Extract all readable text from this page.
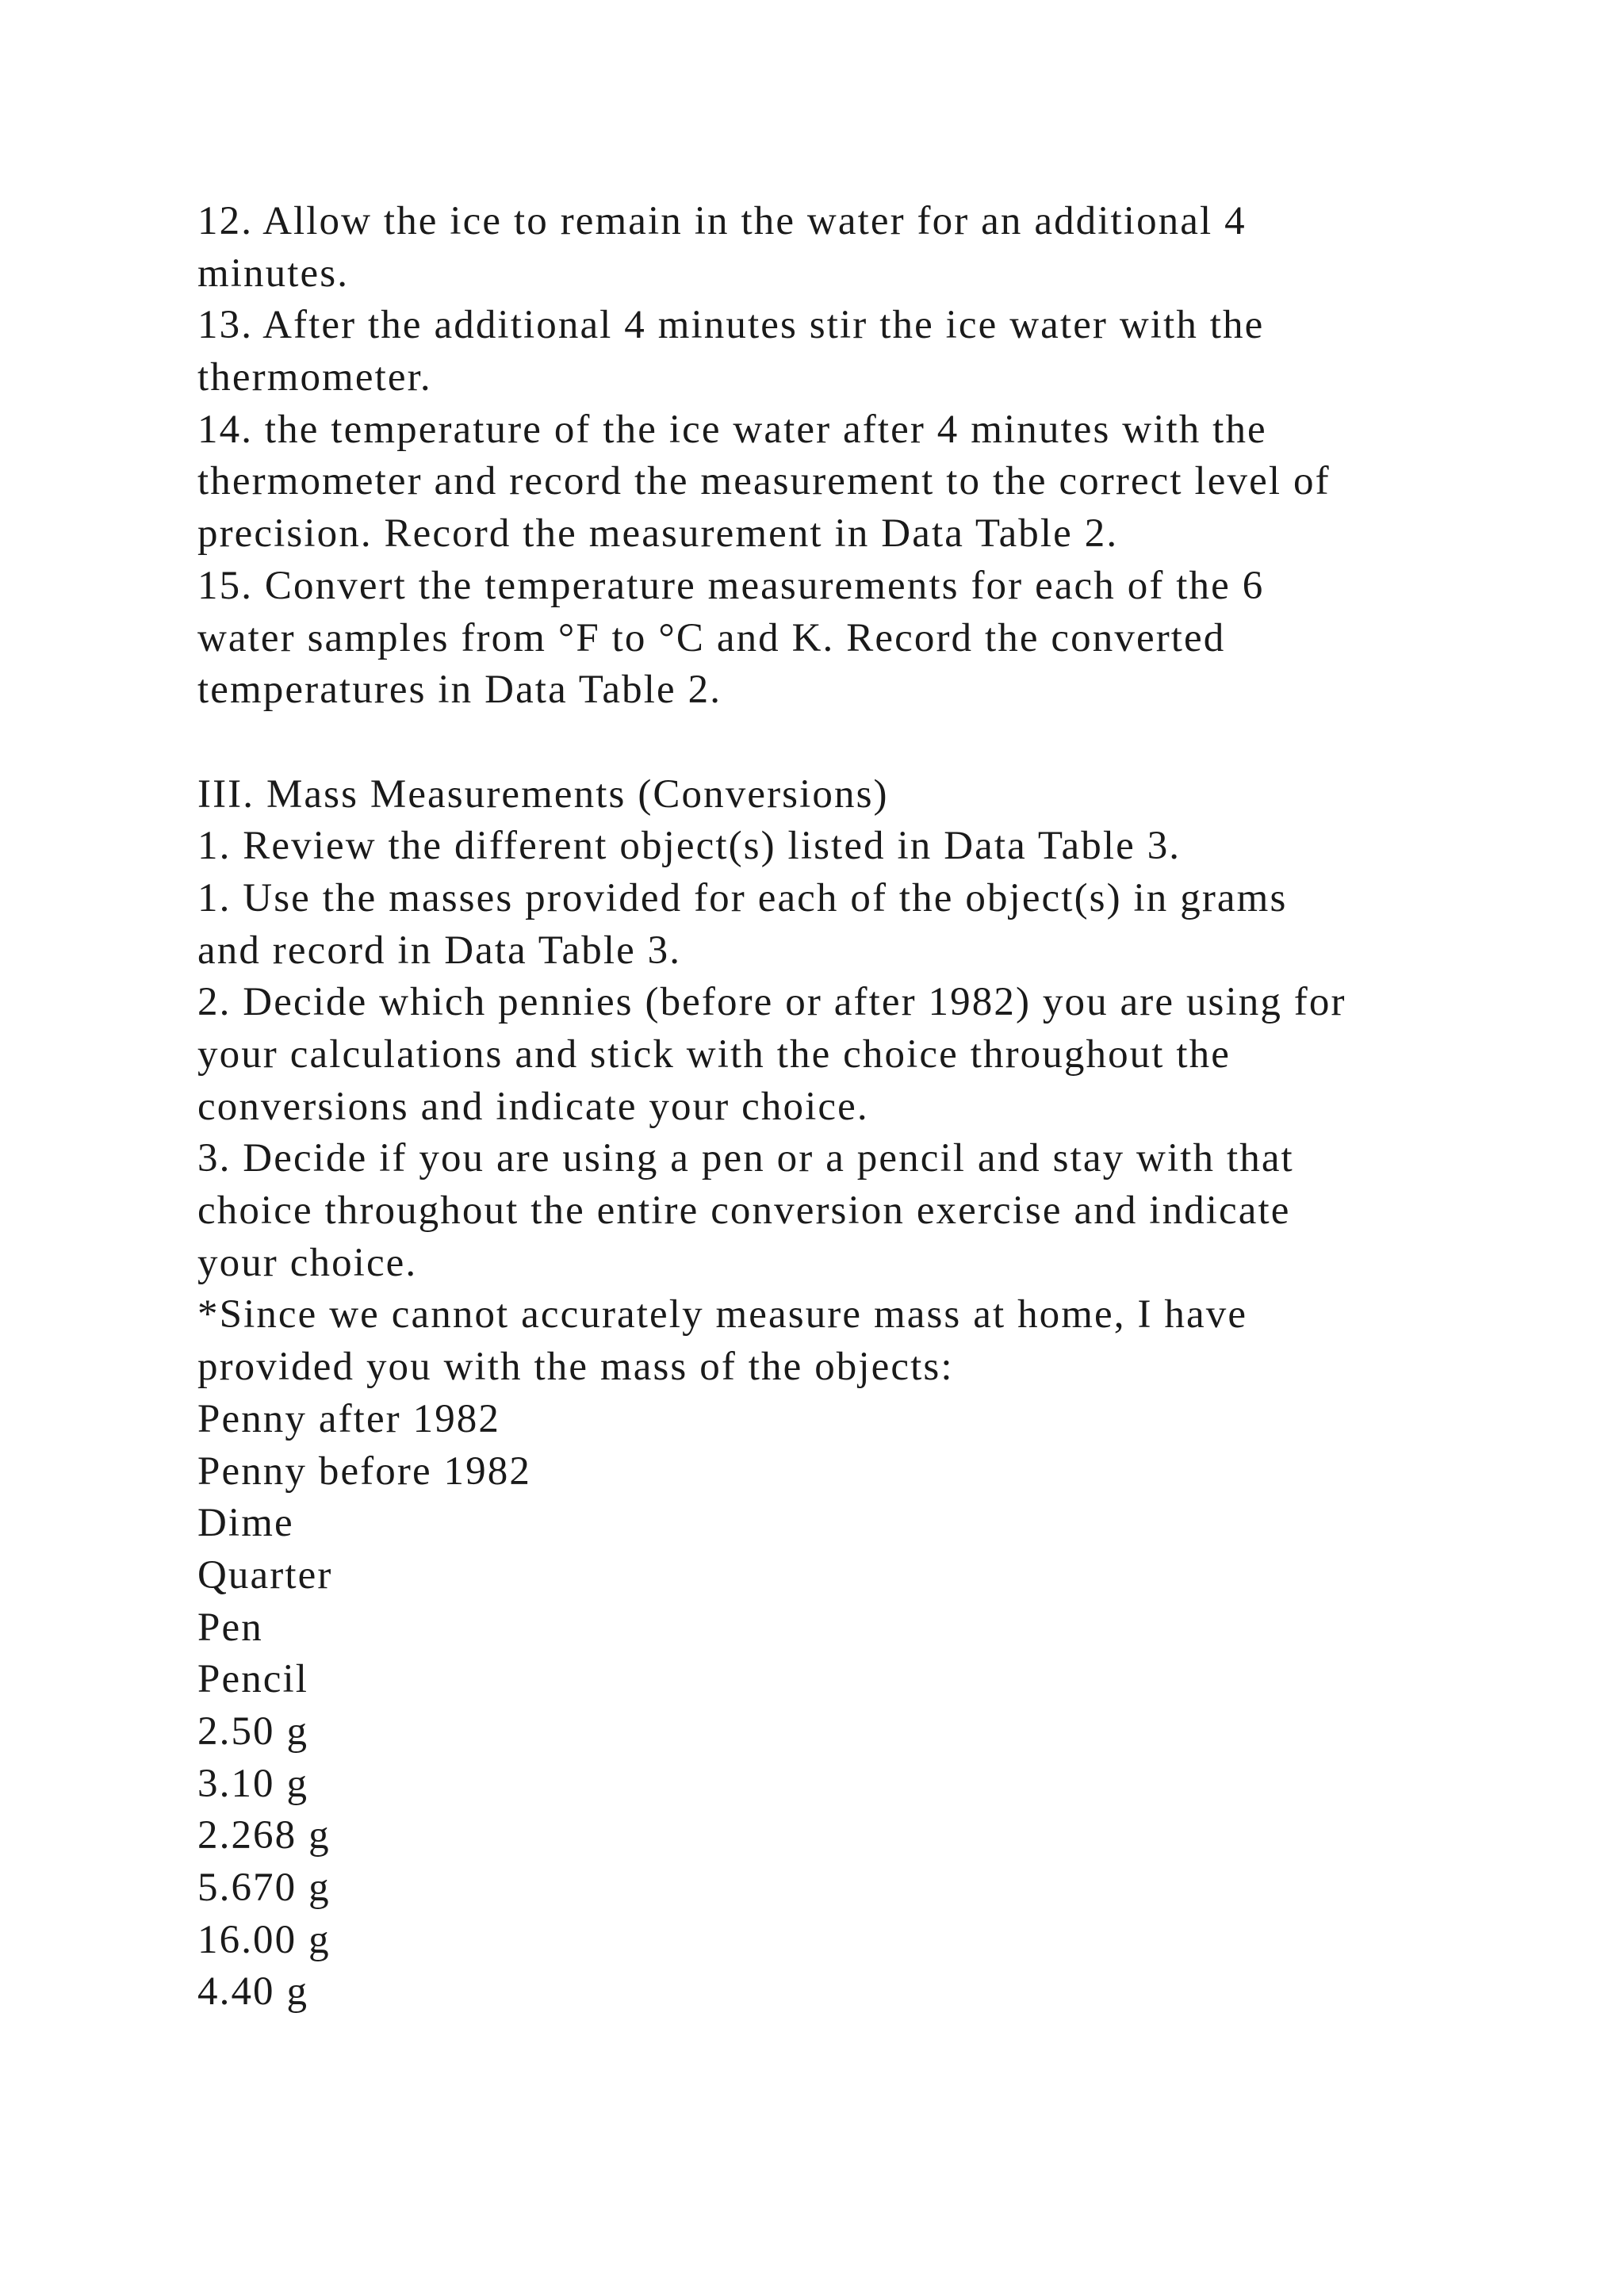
12. Allow the ice to remain in the water for an additional 4
minutes.
13. After the additional 4 minutes stir the ice water with the
thermometer.
14. the temperature of the ice water after 4 minutes with the
thermometer and record the measurement to the correct level of
precision. Record the measurement in Data Table 2.
15. Convert the temperature measurements for each of the 6
water samples from °F to °C and K. Record the converted
temperatures in Data Table 2.
III. Mass Measurements (Conversions)
1. Review the different object(s) listed in Data Table 3.
1. Use the masses provided for each of the object(s) in grams
and record in Data Table 3.
2. Decide which pennies (before or after 1982) you are using for
your calculations and stick with the choice throughout the
conversions and indicate your choice.
3. Decide if you are using a pen or a pencil and stay with that
choice throughout the entire conversion exercise and indicate
your choice.
*Since we cannot accurately measure mass at home, I have
provided you with the mass of the objects:
Penny after 1982
Penny before 1982
Dime
Quarter
Pen
Pencil
2.50 g
3.10 g
2.268 g
5.670 g
16.00 g
4.40 g
